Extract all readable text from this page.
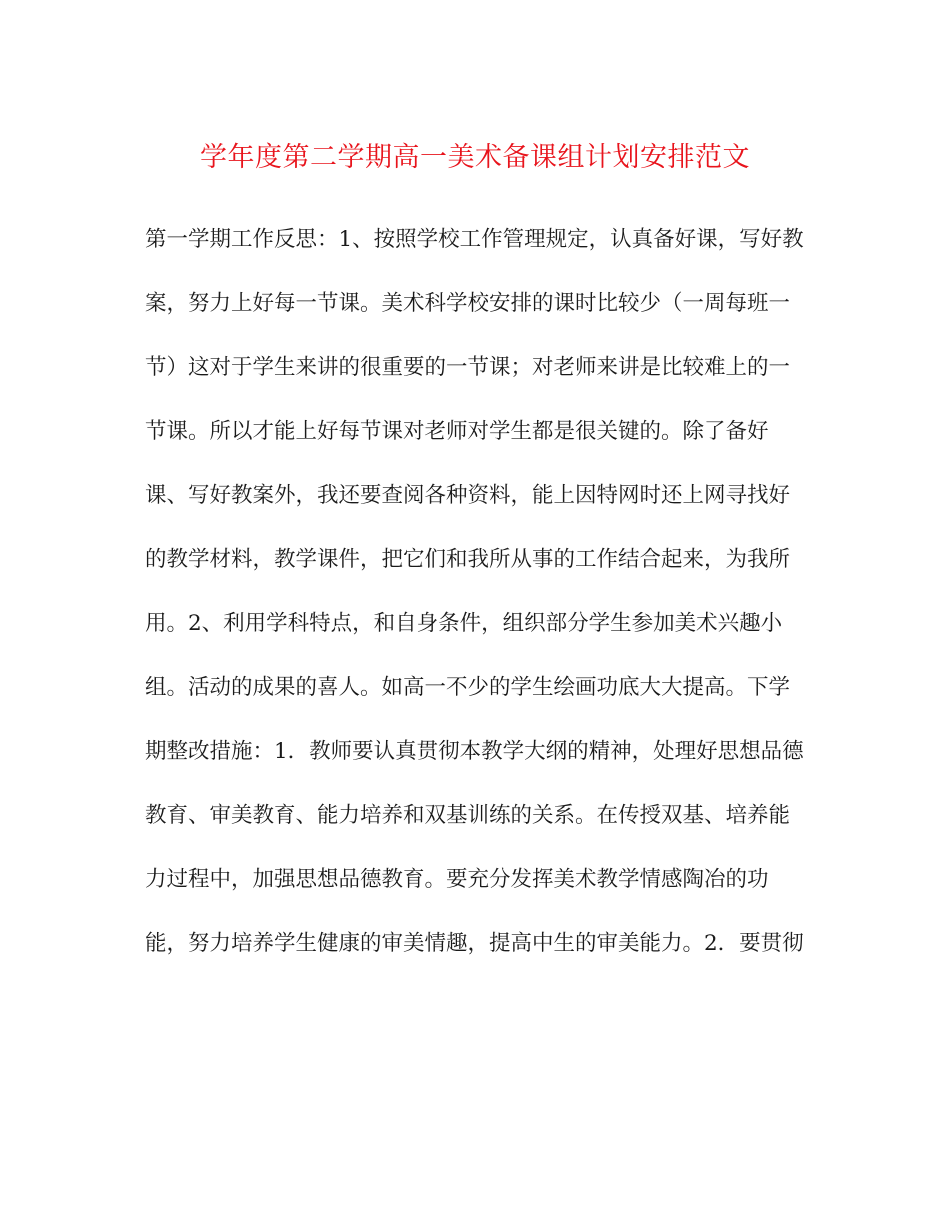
学年度第二学期高一美术备课组计划安排范文
第一学期工作反思：1、按照学校工作管理规定，认真备好课，写好教
案，努力上好每一节课。美术科学校安排的课时比较少（一周每班一
节）这对于学生来讲的很重要的一节课；对老师来讲是比较难上的一
节课。所以才能上好每节课对老师对学生都是很关键的。除了备好
课、写好教案外，我还要查阅各种资料，能上因特网时还上网寻找好
的教学材料，教学课件，把它们和我所从事的工作结合起来，为我所
用。2、利用学科特点，和自身条件，组织部分学生参加美术兴趣小
组。活动的成果的喜人。如高一不少的学生绘画功底大大提高。下学
期整改措施：1．教师要认真贯彻本教学大纲的精神，处理好思想品德
教育、审美教育、能力培养和双基训练的关系。在传授双基、培养能
力过程中，加强思想品德教育。要充分发挥美术教学情感陶冶的功
能，努力培养学生健康的审美情趣，提高中生的审美能力。2．要贯彻
